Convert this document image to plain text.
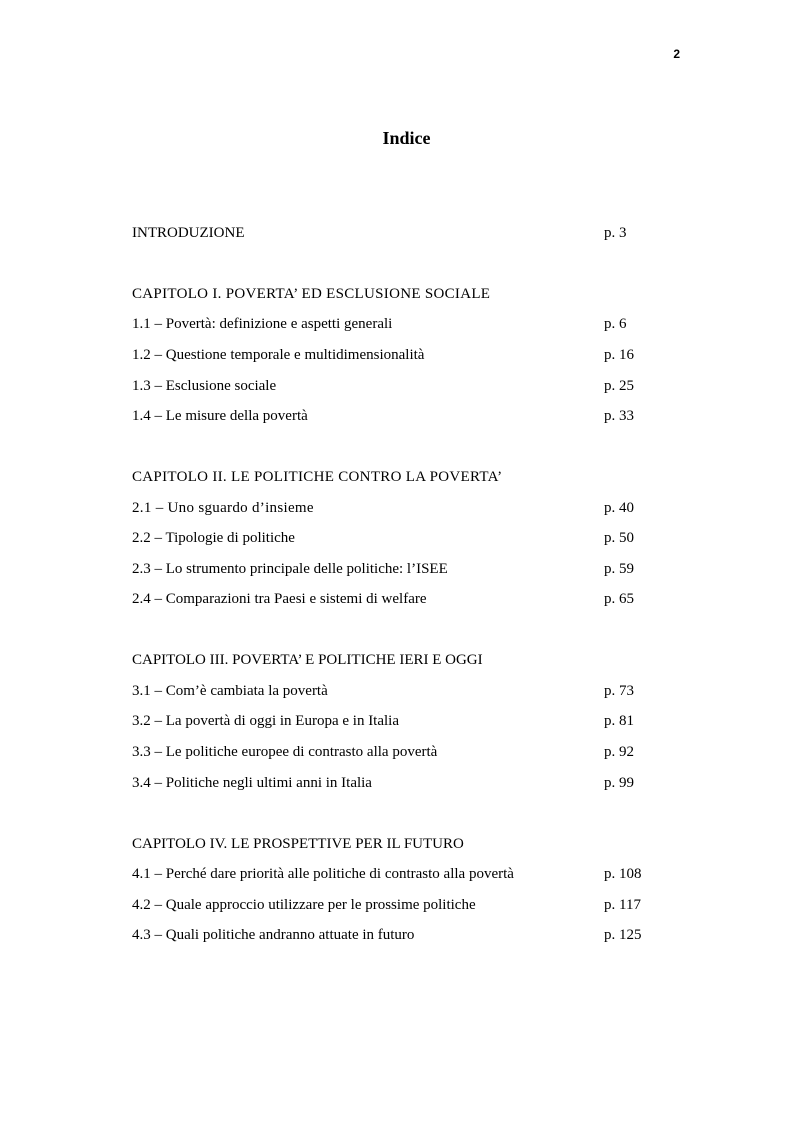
2
Indice
INTRODUZIONE	p. 3
CAPITOLO I. POVERTA’ ED ESCLUSIONE SOCIALE
1.1 – Povertà: definizione e aspetti generali	p. 6
1.2 – Questione temporale e multidimensionalità	p. 16
1.3 – Esclusione sociale	p. 25
1.4 – Le misure della povertà	p. 33
CAPITOLO II. LE POLITICHE CONTRO LA POVERTA’
2.1 – Uno sguardo d’insieme	p. 40
2.2 – Tipologie di politiche	p. 50
2.3 – Lo strumento principale delle politiche: l’ISEE	p. 59
2.4 – Comparazioni tra Paesi e sistemi di welfare	p. 65
CAPITOLO III. POVERTA’ E POLITICHE IERI E OGGI
3.1 – Com’è cambiata la povertà	p. 73
3.2 – La povertà di oggi in Europa e in Italia	p. 81
3.3 – Le politiche europee di contrasto alla povertà	p. 92
3.4 – Politiche negli ultimi anni in Italia	p. 99
CAPITOLO IV. LE PROSPETTIVE PER IL FUTURO
4.1 – Perché dare priorità alle politiche di contrasto alla povertà	p. 108
4.2 – Quale approccio utilizzare per le prossime politiche	p. 117
4.3 – Quali politiche andranno attuate in futuro	p. 125
